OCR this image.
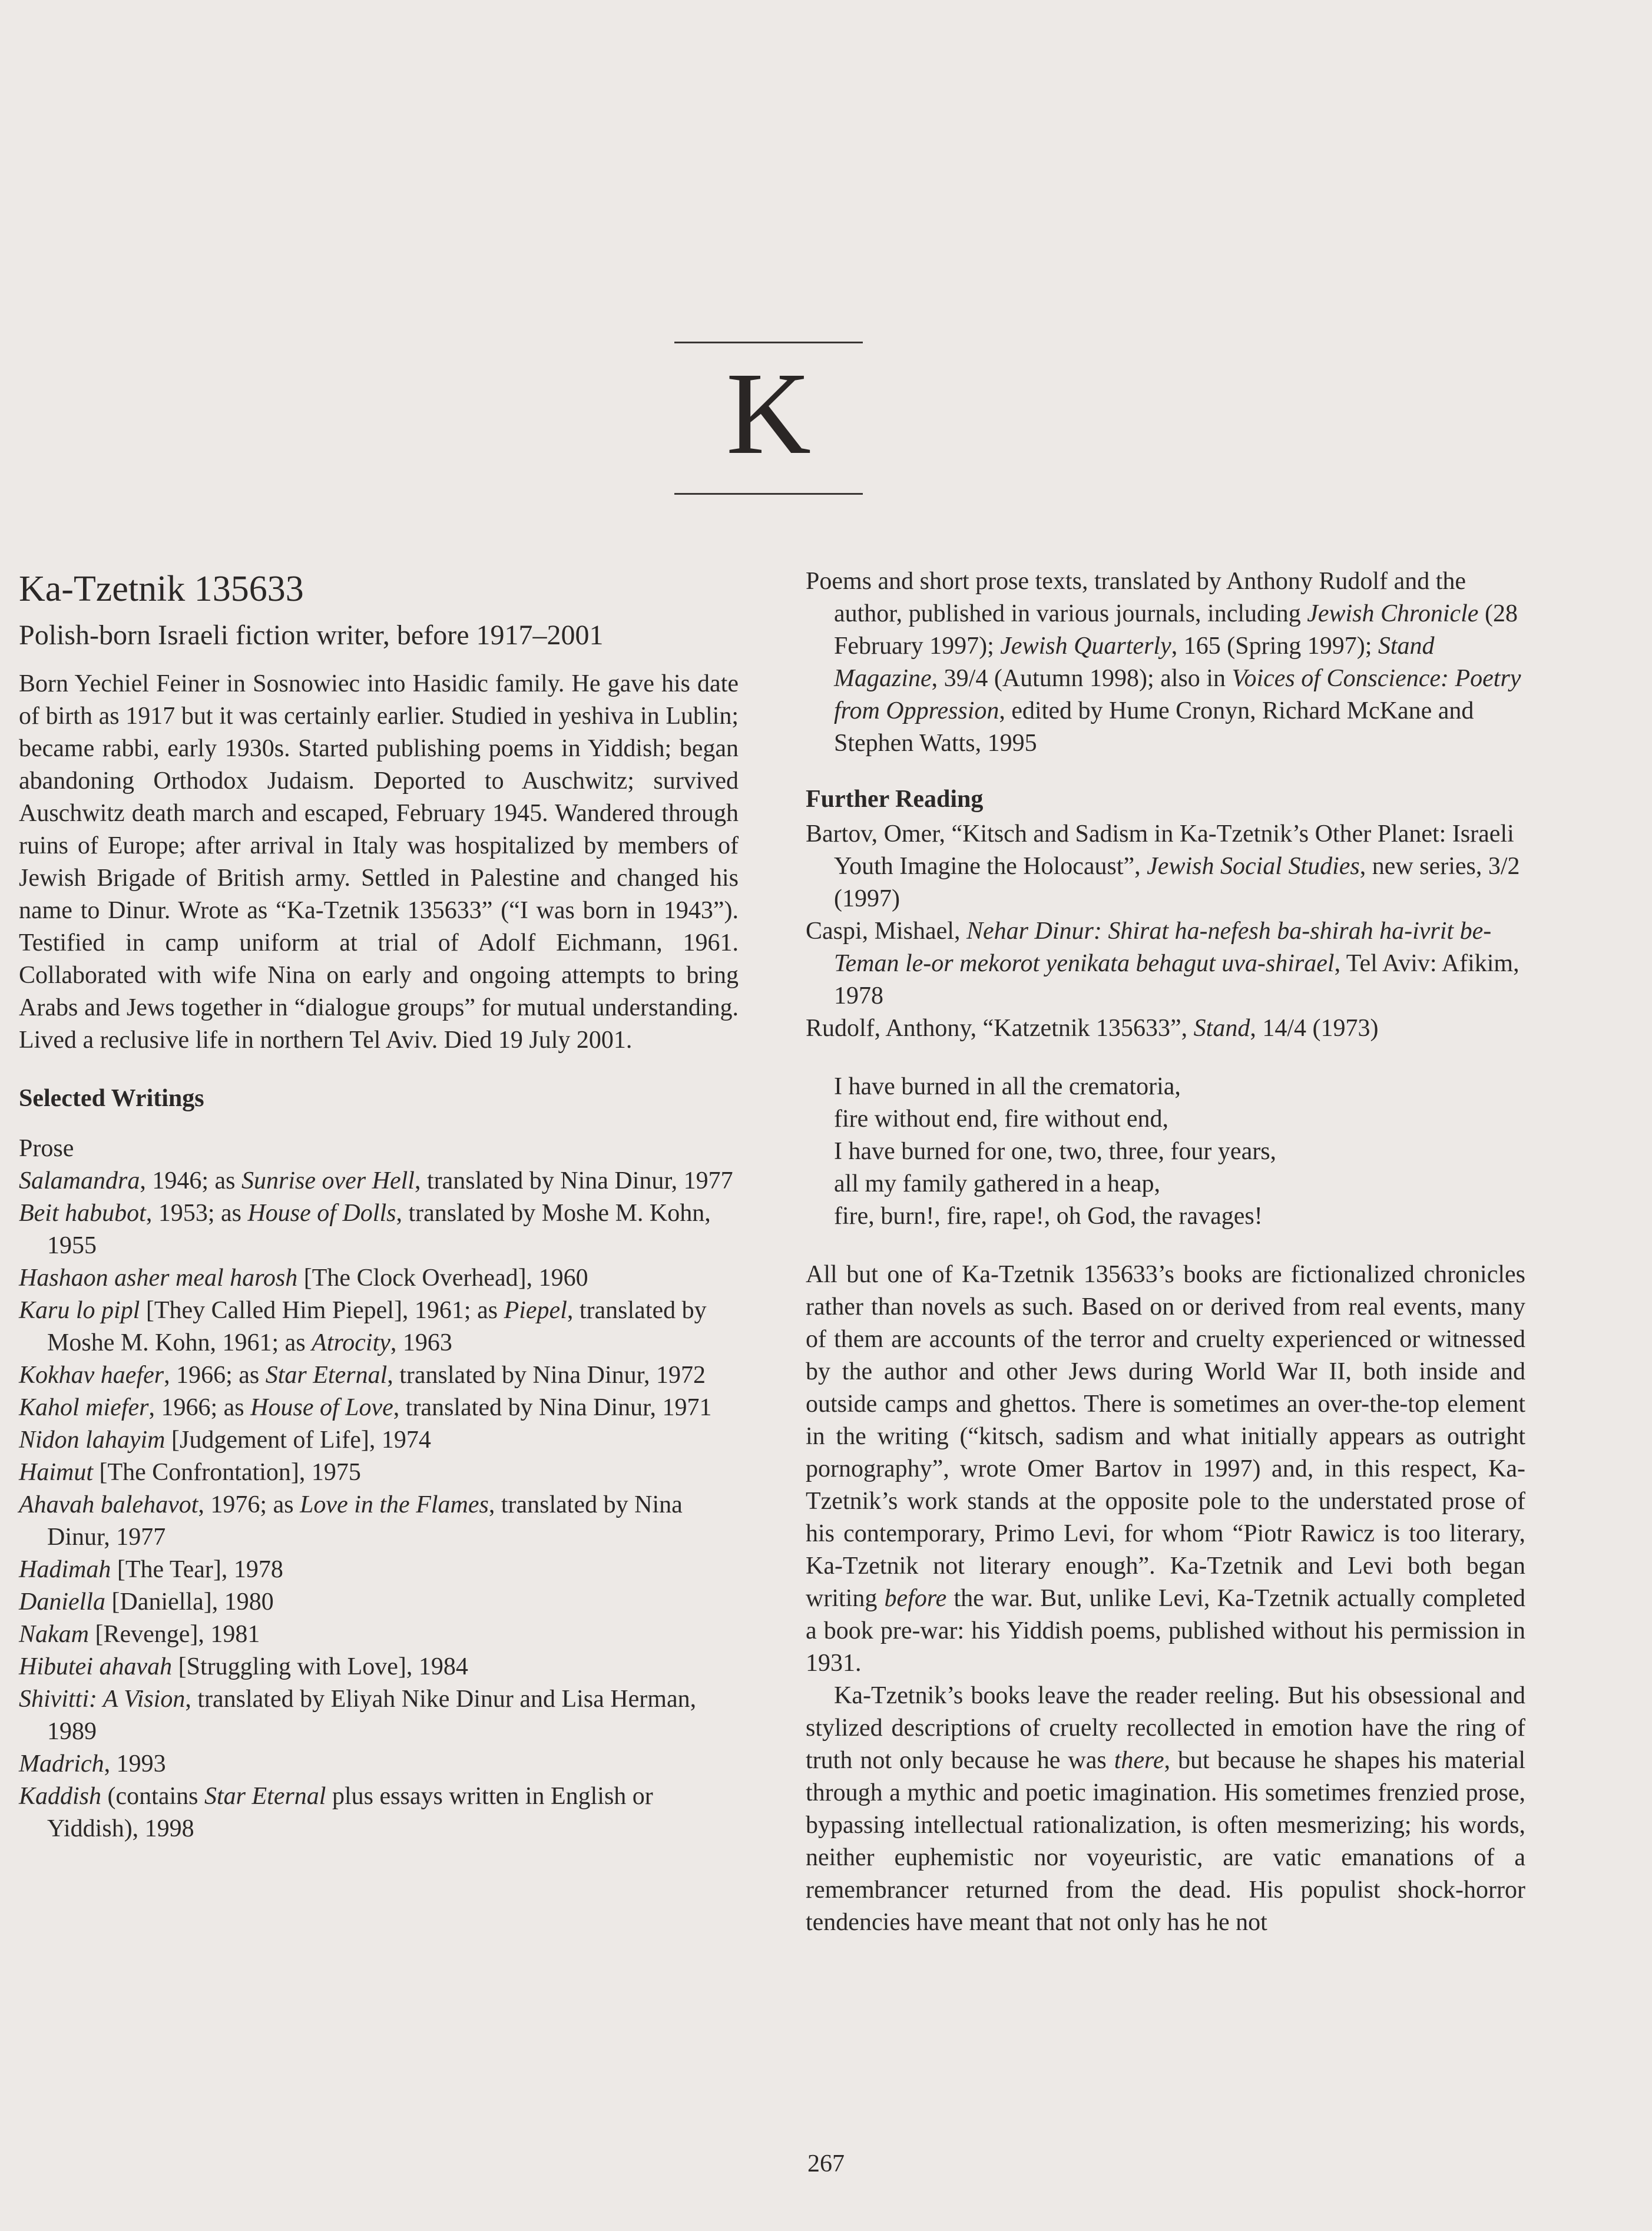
K
Ka-Tzetnik 135633
Polish-born Israeli fiction writer, before 1917–2001

Born Yechiel Feiner in Sosnowiec into Hasidic family. He gave his date of birth as 1917 but it was certainly earlier. Studied in yeshiva in Lublin; became rabbi, early 1930s. Started publishing poems in Yiddish; began abandoning Orthodox Judaism. Deported to Auschwitz; survived Auschwitz death march and escaped, February 1945. Wandered through ruins of Europe; after arrival in Italy was hospitalized by members of Jewish Brigade of British army. Settled in Palestine and changed his name to Dinur. Wrote as “Ka-Tzetnik 135633” (“I was born in 1943”). Testified in camp uniform at trial of Adolf Eichmann, 1961. Collaborated with wife Nina on early and ongoing attempts to bring Arabs and Jews together in “dialogue groups” for mutual understanding. Lived a reclusive life in northern Tel Aviv. Died 19 July 2001.

Selected Writings
Prose

Salamandra, 1946; as Sunrise over Hell, translated by Nina Dinur, 1977

Beit habubot, 1953; as House of Dolls, translated by Moshe M. Kohn, 1955

Hashaon asher meal harosh [The Clock Overhead], 1960

Karu lo pipl [They Called Him Piepel], 1961; as Piepel, translated by Moshe M. Kohn, 1961; as Atrocity, 1963

Kokhav haefer, 1966; as Star Eternal, translated by Nina Dinur, 1972

Kahol miefer, 1966; as House of Love, translated by Nina Dinur, 1971

Nidon lahayim [Judgement of Life], 1974

Haimut [The Confrontation], 1975

Ahavah balehavot, 1976; as Love in the Flames, translated by Nina Dinur, 1977

Hadimah [The Tear], 1978

Daniella [Daniella], 1980

Nakam [Revenge], 1981

Hibutei ahavah [Struggling with Love], 1984

Shivitti: A Vision, translated by Eliyah Nike Dinur and Lisa Herman, 1989

Madrich, 1993

Kaddish (contains Star Eternal plus essays written in English or Yiddish), 1998

Poems and short prose texts, translated by Anthony Rudolf and the author, published in various journals, including Jewish Chronicle (28 February 1997); Jewish Quarterly, 165 (Spring 1997); Stand Magazine, 39/4 (Autumn 1998); also in Voices of Conscience: Poetry from Oppression, edited by Hume Cronyn, Richard McKane and Stephen Watts, 1995

Further Reading

Bartov, Omer, “Kitsch and Sadism in Ka-Tzetnik’s Other Planet: Israeli Youth Imagine the Holocaust”, Jewish Social Studies, new series, 3/2 (1997)

Caspi, Mishael, Nehar Dinur: Shirat ha-nefesh ba-shirah ha-ivrit be-Teman le-or mekorot yenikata behagut uva-shirael, Tel Aviv: Afikim, 1978

Rudolf, Anthony, “Katzetnik 135633”, Stand, 14/4 (1973)

I have burned in all the crematoria,
fire without end, fire without end,
I have burned for one, two, three, four years,
all my family gathered in a heap,
fire, burn!, fire, rape!, oh God, the ravages!

All but one of Ka-Tzetnik 135633’s books are fictionalized chronicles rather than novels as such. Based on or derived from real events, many of them are accounts of the terror and cruelty experienced or witnessed by the author and other Jews during World War II, both inside and outside camps and ghettos. There is sometimes an over-the-top element in the writing (“kitsch, sadism and what initially appears as outright pornography”, wrote Omer Bartov in 1997) and, in this respect, Ka-Tzetnik’s work stands at the opposite pole to the understated prose of his contemporary, Primo Levi, for whom “Piotr Rawicz is too literary, Ka-Tzetnik not literary enough”. Ka-Tzetnik and Levi both began writing before the war. But, unlike Levi, Ka-Tzetnik actually completed a book pre-war: his Yiddish poems, published without his permission in 1931.

Ka-Tzetnik’s books leave the reader reeling. But his obsessional and stylized descriptions of cruelty recollected in emotion have the ring of truth not only because he was there, but because he shapes his material through a mythic and poetic imagination. His sometimes frenzied prose, bypassing intellectual rationalization, is often mesmerizing; his words, neither euphemistic nor voyeuristic, are vatic emanations of a remembrancer returned from the dead. His populist shock-horror tendencies have meant that not only has he not

267
